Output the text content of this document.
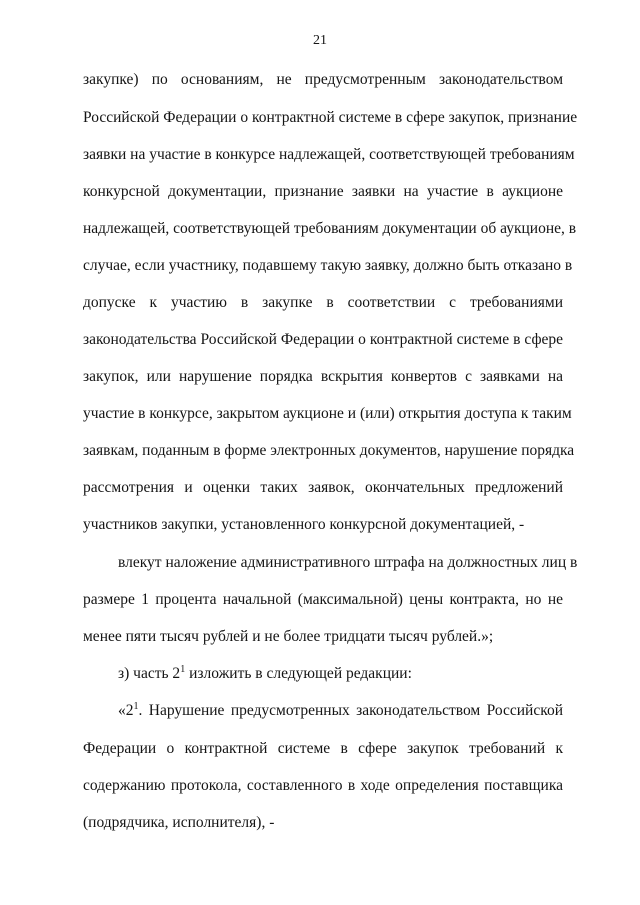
21
закупке) по основаниям, не предусмотренным законодательством
Российской Федерации о контрактной системе в сфере закупок, признание
заявки на участие в конкурсе надлежащей, соответствующей требованиям
конкурсной документации, признание заявки на участие в аукционе
надлежащей, соответствующей требованиям документации об аукционе, в
случае, если участнику, подавшему такую заявку, должно быть отказано в
допуске к участию в закупке в соответствии с требованиями
законодательства Российской Федерации о контрактной системе в сфере
закупок, или нарушение порядка вскрытия конвертов с заявками на
участие в конкурсе, закрытом аукционе и (или) открытия доступа к таким
заявкам, поданным в форме электронных документов, нарушение порядка
рассмотрения и оценки таких заявок, окончательных предложений
участников закупки, установленного конкурсной документацией, -
влекут наложение административного штрафа на должностных лиц в
размере 1 процента начальной (максимальной) цены контракта, но не
менее пяти тысяч рублей и не более тридцати тысяч рублей.»;
з) часть $2^1$ изложить в следующей редакции:
«$2^1$. Нарушение предусмотренных законодательством Российской
Федерации о контрактной системе в сфере закупок требований к
содержанию протокола, составленного в ходе определения поставщика
(подрядчика, исполнителя), -
